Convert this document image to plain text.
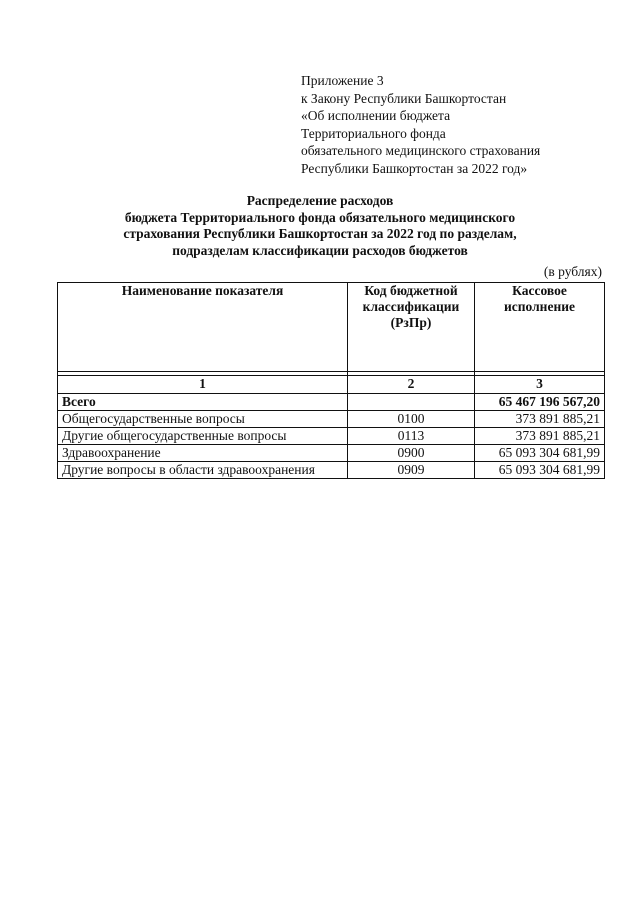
Приложение 3
к Закону Республики Башкортостан
«Об исполнении бюджета
Территориального фонда
обязательного медицинского страхования
Республики Башкортостан за 2022 год»
Распределение расходов
бюджета Территориального фонда обязательного медицинского
страхования Республики Башкортостан за 2022 год по разделам,
подразделам классификации расходов бюджетов
(в рублях)
Наименование показателя	Код бюджетной классификации (РзПр)	Кассовое исполнение

1	2	3
Всего		65 467 196 567,20
Общегосударственные вопросы	0100	373 891 885,21
Другие общегосударственные вопросы	0113	373 891 885,21
Здравоохранение	0900	65 093 304 681,99
Другие вопросы в области здравоохранения	0909	65 093 304 681,99
